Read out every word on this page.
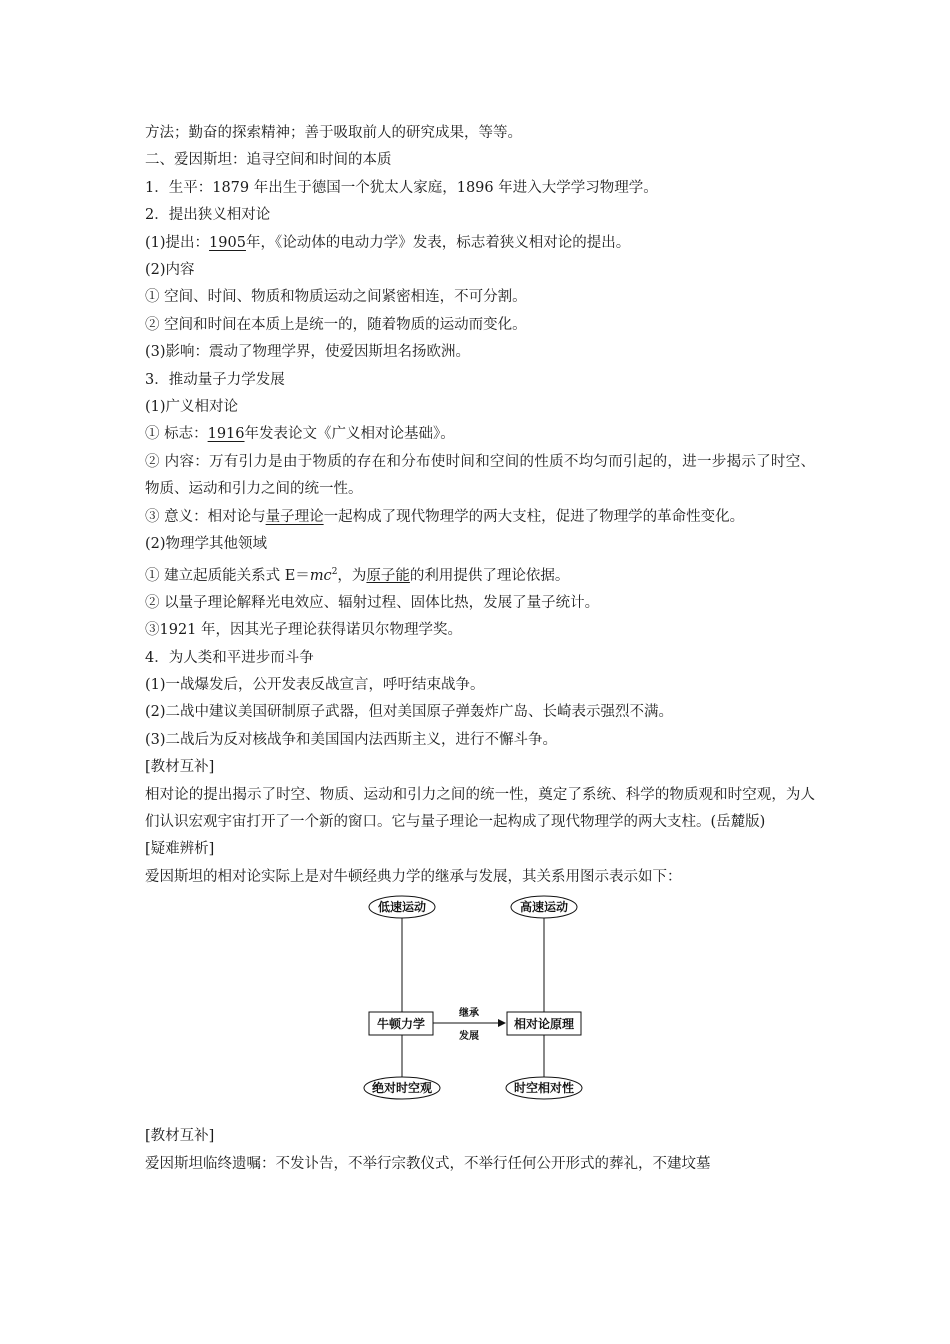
方法；勤奋的探索精神；善于吸取前人的研究成果，等等。

二、爱因斯坦：追寻空间和时间的本质

1．生平：1879 年出生于德国一个犹太人家庭，1896 年进入大学学习物理学。

2．提出狭义相对论

(1)提出：1905年，《论动体的电动力学》发表，标志着狭义相对论的提出。

(2)内容

① 空间、时间、物质和物质运动之间紧密相连，不可分割。

② 空间和时间在本质上是统一的，随着物质的运动而变化。

(3)影响：震动了物理学界，使爱因斯坦名扬欧洲。

3．推动量子力学发展

(1)广义相对论

① 标志：1916年发表论文《广义相对论基础》。

② 内容：万有引力是由于物质的存在和分布使时间和空间的性质不均匀而引起的，进一步揭示了时空、物质、运动和引力之间的统一性。

③ 意义：相对论与量子理论一起构成了现代物理学的两大支柱，促进了物理学的革命性变化。

(2)物理学其他领域

① 建立起质能关系式 $E=mc^2$，为原子能的利用提供了理论依据。

② 以量子理论解释光电效应、辐射过程、固体比热，发展了量子统计。

③1921 年，因其光子理论获得诺贝尔物理学奖。

4．为人类和平进步而斗争

(1)一战爆发后，公开发表反战宣言，呼吁结束战争。

(2)二战中建议美国研制原子武器，但对美国原子弹轰炸广岛、长崎表示强烈不满。

(3)二战后为反对核战争和美国国内法西斯主义，进行不懈斗争。

[教材互补]

相对论的提出揭示了时空、物质、运动和引力之间的统一性，奠定了系统、科学的物质观和时空观，为人们认识宏观宇宙打开了一个新的窗口。它与量子理论一起构成了现代物理学的两大支柱。(岳麓版)

[疑难辨析]

爱因斯坦的相对论实际上是对牛顿经典力学的继承与发展，其关系用图示表示如下：

低速运动	高速运动
绝对时空观	时空相对性
牛顿力学	相对论原理
继承
发展

[教材互补]

爱因斯坦临终遗嘱：不发讣告，不举行宗教仪式，不举行任何公开形式的葬礼，不建坟墓
